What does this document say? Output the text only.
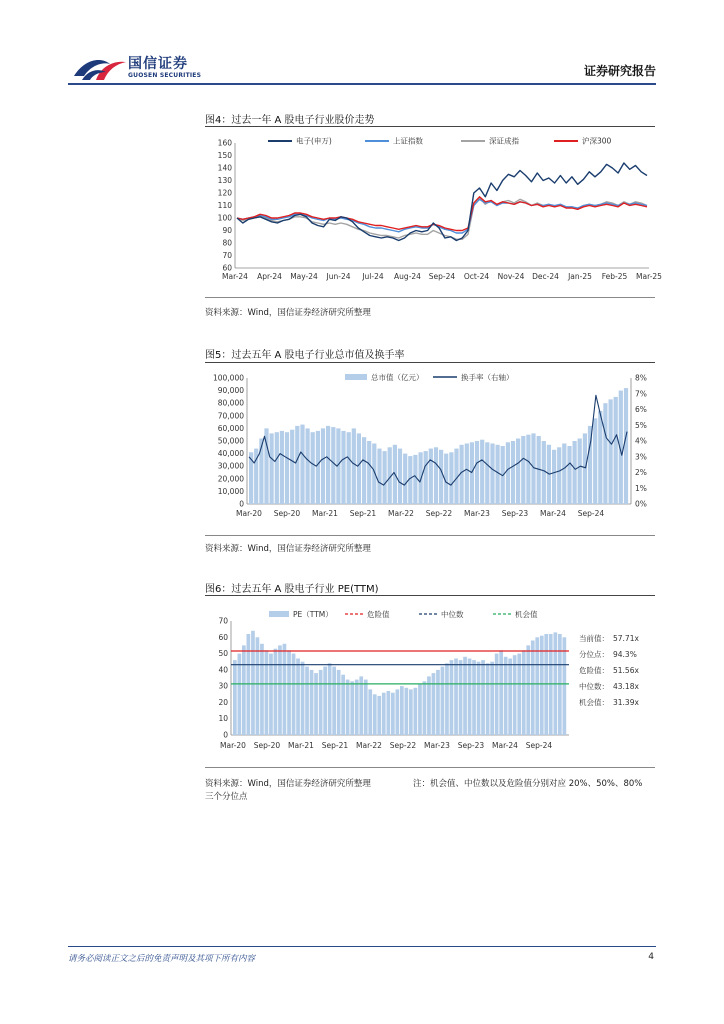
国信证券
GUOSEN SECURITIES	证券研究报告
图4：过去一年 A 股电子行业股价走势
60
70
80
90
100
110
120
130
140
150
160
Mar-24 Apr-24 May-24 Jun-24 Jul-24 Aug-24 Sep-24 Oct-24 Nov-24 Dec-24 Jan-25 Feb-25 Mar-25
电子(申万)	上证指数	深证成指	沪深300
资料来源：Wind，国信证券经济研究所整理
图5：过去五年 A 股电子行业总市值及换手率
0
10,000
20,000
30,000
40,000
50,000
60,000
70,000
80,000
90,000
100,000
0%
1%
2%
3%
4%
5%
6%
7%
8%
Mar-20 Sep-20 Mar-21 Sep-21 Mar-22 Sep-22 Mar-23 Sep-23 Mar-24 Sep-24
总市值（亿元）	换手率（右轴）
资料来源：Wind，国信证券经济研究所整理
图6：过去五年 A 股电子行业 PE(TTM)
0
10
20
30
40
50
60
70
Mar-20 Sep-20 Mar-21 Sep-21 Mar-22 Sep-22 Mar-23 Sep-23 Mar-24 Sep-24
PE（TTM）	危险值	中位数	机会值
当前值： 57.71x
分位点： 94.3%
危险值： 51.56x
中位数： 43.18x
机会值： 31.39x
资料来源：Wind，国信证券经济研究所整理	注：机会值、中位数以及危险值分别对应 20%、50%、80%
三个分位点
请务必阅读正文之后的免责声明及其项下所有内容	4
